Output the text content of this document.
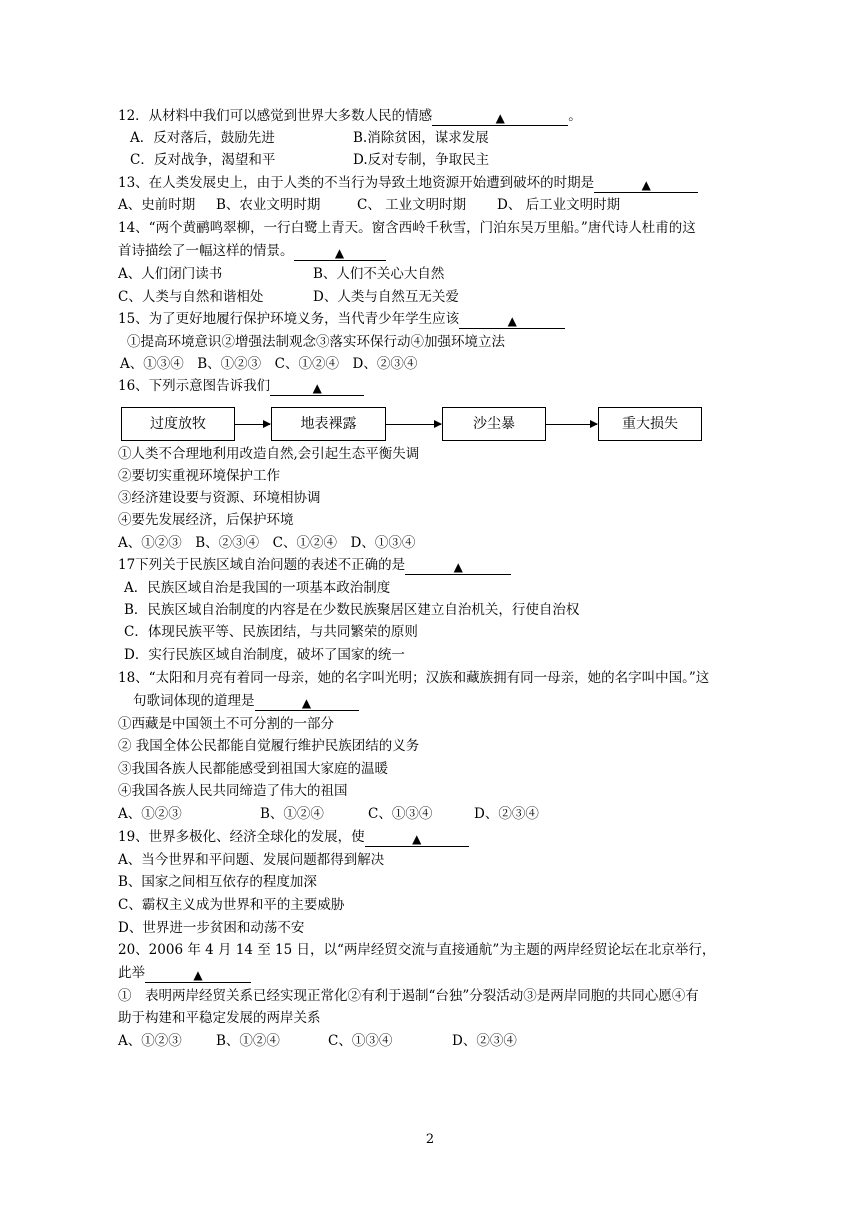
12．从材料中我们可以感觉到世界大多数人民的情感	▲	。
A．反对落后，鼓励先进	B.消除贫困，谋求发展
C．反对战争，渴望和平	D.反对专制，争取民主
13、在人类发展史上，由于人类的不当行为导致土地资源开始遭到破坏的时期是	▲
A、史前时期 B、农业文明时期	C、 工业文明时期 D、 后工业文明时期
14、“两个黄鹂鸣翠柳，一行白鹭上青天。窗含西岭千秋雪，门泊东吴万里船。”唐代诗人杜甫的这
首诗描绘了一幅这样的情景。	▲
A、人们闭门读书	B、人们不关心大自然
C、人类与自然和谐相处	D、人类与自然互无关爱
15、为了更好地履行保护环境义务，当代青少年学生应该	▲
①提高环境意识②增强法制观念③落实环保行动④加强环境立法
A、①③④　B、①②③　C、①②④　D、②③④
16、下列示意图告诉我们	▲
过度放牧	地表裸露	沙尘暴	重大损失
①人类不合理地利用改造自然,会引起生态平衡失调
②要切实重视环境保护工作
③经济建设要与资源、环境相协调
④要先发展经济，后保护环境
A、①②③　B、②③④　C、①②④　D、①③④
17下列关于民族区域自治问题的表述不正确的是	▲
A．民族区域自治是我国的一项基本政治制度
B．民族区域自治制度的内容是在少数民族聚居区建立自治机关，行使自治权
C．体现民族平等、民族团结，与共同繁荣的原则
D．实行民族区域自治制度，破坏了国家的统一
18、“太阳和月亮有着同一母亲，她的名字叫光明；汉族和藏族拥有同一母亲，她的名字叫中国。”这
句歌词体现的道理是	▲
①西藏是中国领土不可分割的一部分
② 我国全体公民都能自觉履行维护民族团结的义务
③我国各族人民都能感受到祖国大家庭的温暖
④我国各族人民共同缔造了伟大的祖国
A、①②③	B、①②④	C、①③④	D、②③④
19、世界多极化、经济全球化的发展，使	▲
A、当今世界和平问题、发展问题都得到解决
B、国家之间相互依存的程度加深
C、霸权主义成为世界和平的主要威胁
D、世界进一步贫困和动荡不安
20、2006 年 4 月 14 至 15 日，以“两岸经贸交流与直接通航”为主题的两岸经贸论坛在北京举行，
此举	▲
①　表明两岸经贸关系已经实现正常化②有利于遏制“台独”分裂活动③是两岸同胞的共同心愿④有
助于构建和平稳定发展的两岸关系
A、①②③	B、①②④	C、①③④	D、②③④
2
